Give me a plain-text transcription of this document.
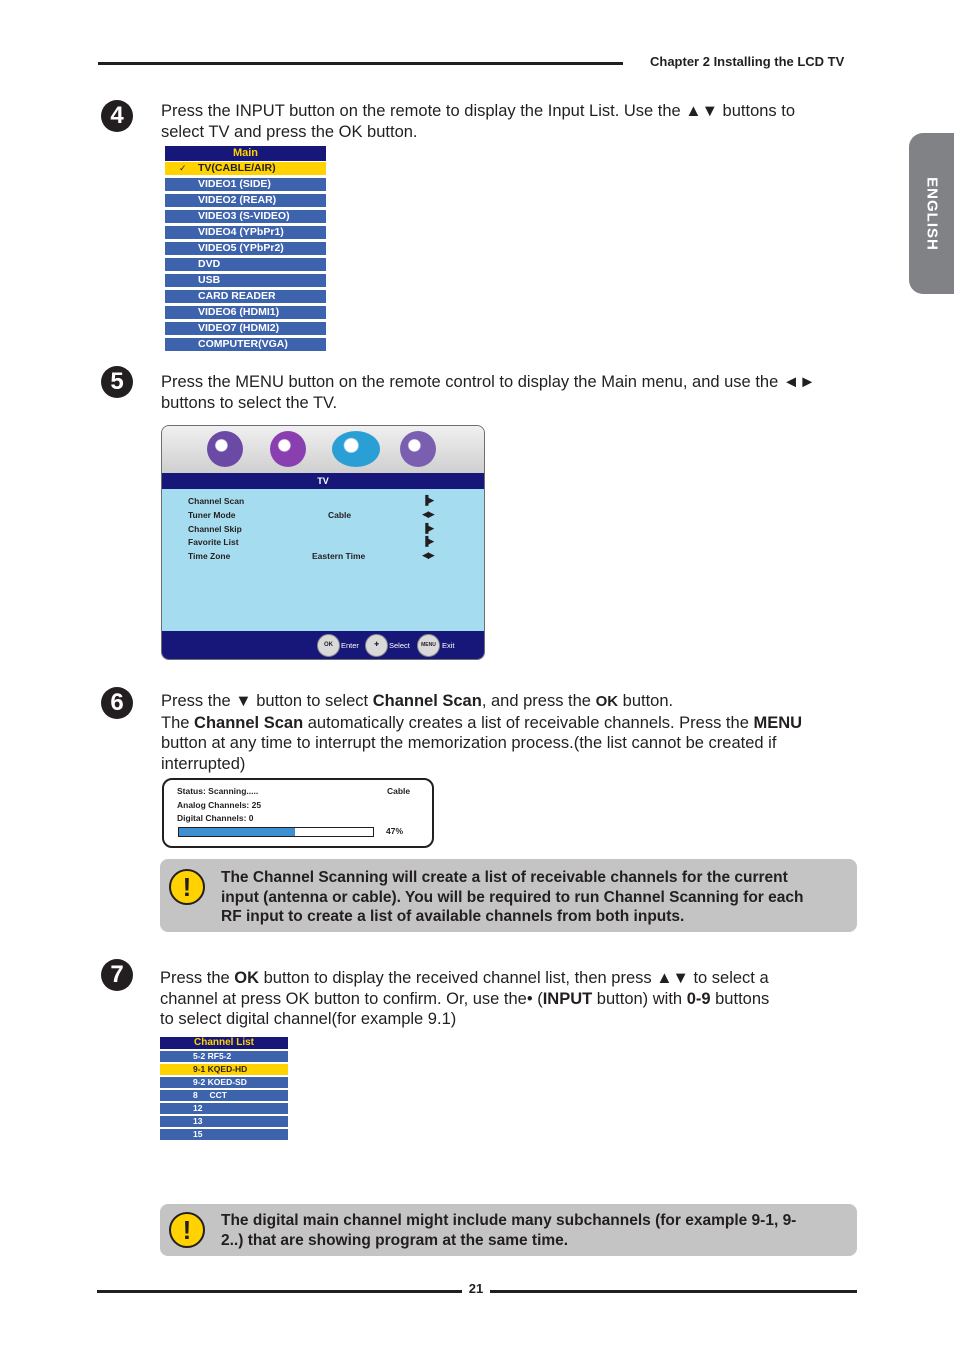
Chapter 2 Installing the LCD TV
ENGLISH
4	Press the INPUT button on the remote to display the Input List. Use the ▲▼ buttons to
select TV and press the OK button.
Main
✓ TV(CABLE/AIR)
VIDEO1 (SIDE)
VIDEO2 (REAR)
VIDEO3 (S-VIDEO)
VIDEO4 (YPbPr1)
VIDEO5 (YPbPr2)
DVD
USB
CARD READER
VIDEO6 (HDMI1)
VIDEO7 (HDMI2)
COMPUTER(VGA)
5	Press the MENU button on the remote control to display the Main menu, and use the ◄►
buttons to select the TV.
TV
Channel Scan	▐▶
Tuner Mode	Cable	◀▶
Channel Skip	▐▶
Favorite List	▐▶
Time Zone	Eastern Time	◀▶
OK	Enter	✚	Select	MENU Exit
6	Press the ▼ button to select Channel Scan, and press the OK button.
The Channel Scan automatically creates a list of receivable channels. Press the MENU
button at any time to interrupt the memorization process.(the list cannot be created if
interrupted)
Status: Scanning.....	Cable
Analog Channels: 25
Digital Channels: 0
47%
!	The Channel Scanning will create a list of receivable channels for the current
input (antenna or cable). You will be required to run Channel Scanning for each
RF input to create a list of available channels from both inputs.
7	Press the OK button to display the received channel list, then press ▲▼ to select a
channel at press OK button to confirm. Or, use the• (INPUT button) with 0-9 buttons
to select digital channel(for example 9.1)
Channel List
5-2 RF5-2
9-1 KQED-HD
9-2 KOED-SD
8     CCT
12
13
15
!	The digital main channel might include many subchannels (for example 9-1, 9-
2..) that are showing program at the same time.
21
